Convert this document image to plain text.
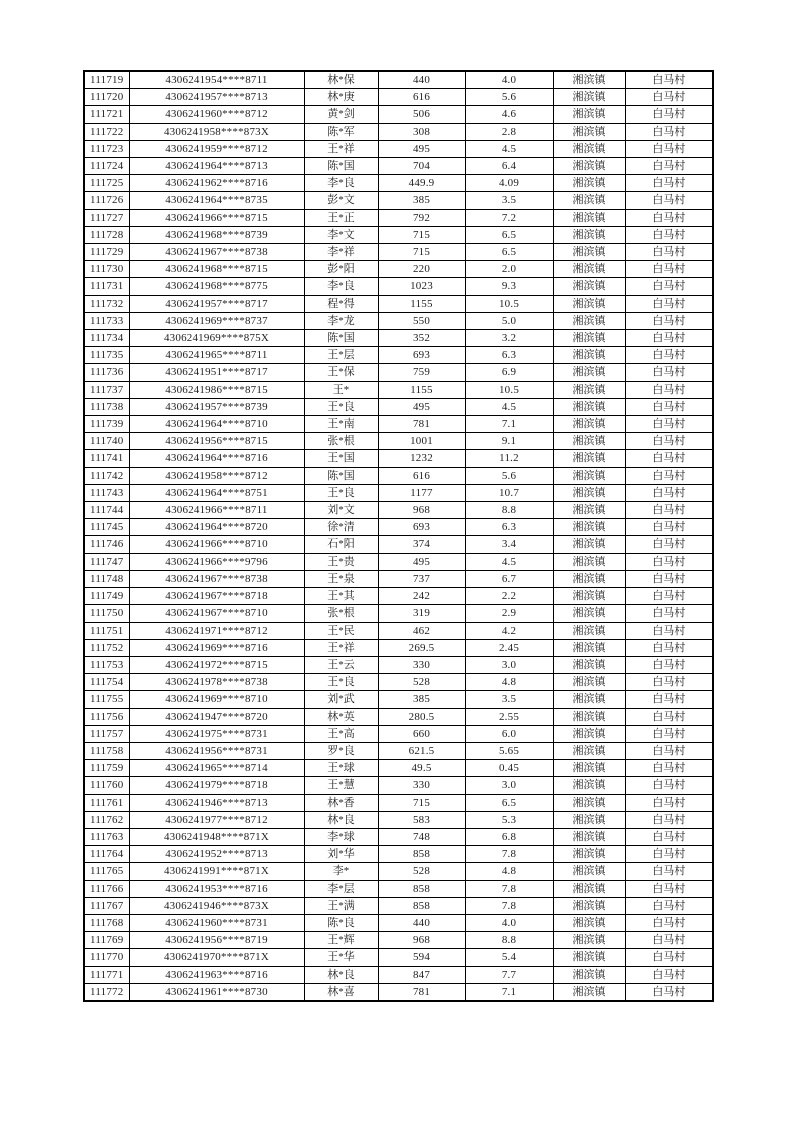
111719	4306241954****8711	林*保	440	4.0	湘滨镇	白马村
111720	4306241957****8713	林*庚	616	5.6	湘滨镇	白马村
111721	4306241960****8712	黄*剑	506	4.6	湘滨镇	白马村
111722	4306241958****873X	陈*军	308	2.8	湘滨镇	白马村
111723	4306241959****8712	王*祥	495	4.5	湘滨镇	白马村
111724	4306241964****8713	陈*国	704	6.4	湘滨镇	白马村
111725	4306241962****8716	李*良	449.9	4.09	湘滨镇	白马村
111726	4306241964****8735	彭*文	385	3.5	湘滨镇	白马村
111727	4306241966****8715	王*正	792	7.2	湘滨镇	白马村
111728	4306241968****8739	李*文	715	6.5	湘滨镇	白马村
111729	4306241967****8738	李*祥	715	6.5	湘滨镇	白马村
111730	4306241968****8715	彭*阳	220	2.0	湘滨镇	白马村
111731	4306241968****8775	李*良	1023	9.3	湘滨镇	白马村
111732	4306241957****8717	程*得	1155	10.5	湘滨镇	白马村
111733	4306241969****8737	李*龙	550	5.0	湘滨镇	白马村
111734	4306241969****875X	陈*国	352	3.2	湘滨镇	白马村
111735	4306241965****8711	王*层	693	6.3	湘滨镇	白马村
111736	4306241951****8717	王*保	759	6.9	湘滨镇	白马村
111737	4306241986****8715	王*	1155	10.5	湘滨镇	白马村
111738	4306241957****8739	王*良	495	4.5	湘滨镇	白马村
111739	4306241964****8710	王*南	781	7.1	湘滨镇	白马村
111740	4306241956****8715	张*根	1001	9.1	湘滨镇	白马村
111741	4306241964****8716	王*国	1232	11.2	湘滨镇	白马村
111742	4306241958****8712	陈*国	616	5.6	湘滨镇	白马村
111743	4306241964****8751	王*良	1177	10.7	湘滨镇	白马村
111744	4306241966****8711	刘*文	968	8.8	湘滨镇	白马村
111745	4306241964****8720	徐*清	693	6.3	湘滨镇	白马村
111746	4306241966****8710	石*阳	374	3.4	湘滨镇	白马村
111747	4306241966****9796	王*贵	495	4.5	湘滨镇	白马村
111748	4306241967****8738	王*泉	737	6.7	湘滨镇	白马村
111749	4306241967****8718	王*其	242	2.2	湘滨镇	白马村
111750	4306241967****8710	张*根	319	2.9	湘滨镇	白马村
111751	4306241971****8712	王*民	462	4.2	湘滨镇	白马村
111752	4306241969****8716	王*祥	269.5	2.45	湘滨镇	白马村
111753	4306241972****8715	王*云	330	3.0	湘滨镇	白马村
111754	4306241978****8738	王*良	528	4.8	湘滨镇	白马村
111755	4306241969****8710	刘*武	385	3.5	湘滨镇	白马村
111756	4306241947****8720	林*英	280.5	2.55	湘滨镇	白马村
111757	4306241975****8731	王*高	660	6.0	湘滨镇	白马村
111758	4306241956****8731	罗*良	621.5	5.65	湘滨镇	白马村
111759	4306241965****8714	王*球	49.5	0.45	湘滨镇	白马村
111760	4306241979****8718	王*慧	330	3.0	湘滨镇	白马村
111761	4306241946****8713	林*香	715	6.5	湘滨镇	白马村
111762	4306241977****8712	林*良	583	5.3	湘滨镇	白马村
111763	4306241948****871X	李*球	748	6.8	湘滨镇	白马村
111764	4306241952****8713	刘*华	858	7.8	湘滨镇	白马村
111765	4306241991****871X	李*	528	4.8	湘滨镇	白马村
111766	4306241953****8716	李*层	858	7.8	湘滨镇	白马村
111767	4306241946****873X	王*满	858	7.8	湘滨镇	白马村
111768	4306241960****8731	陈*良	440	4.0	湘滨镇	白马村
111769	4306241956****8719	王*辉	968	8.8	湘滨镇	白马村
111770	4306241970****871X	王*华	594	5.4	湘滨镇	白马村
111771	4306241963****8716	林*良	847	7.7	湘滨镇	白马村
111772	4306241961****8730	林*喜	781	7.1	湘滨镇	白马村
